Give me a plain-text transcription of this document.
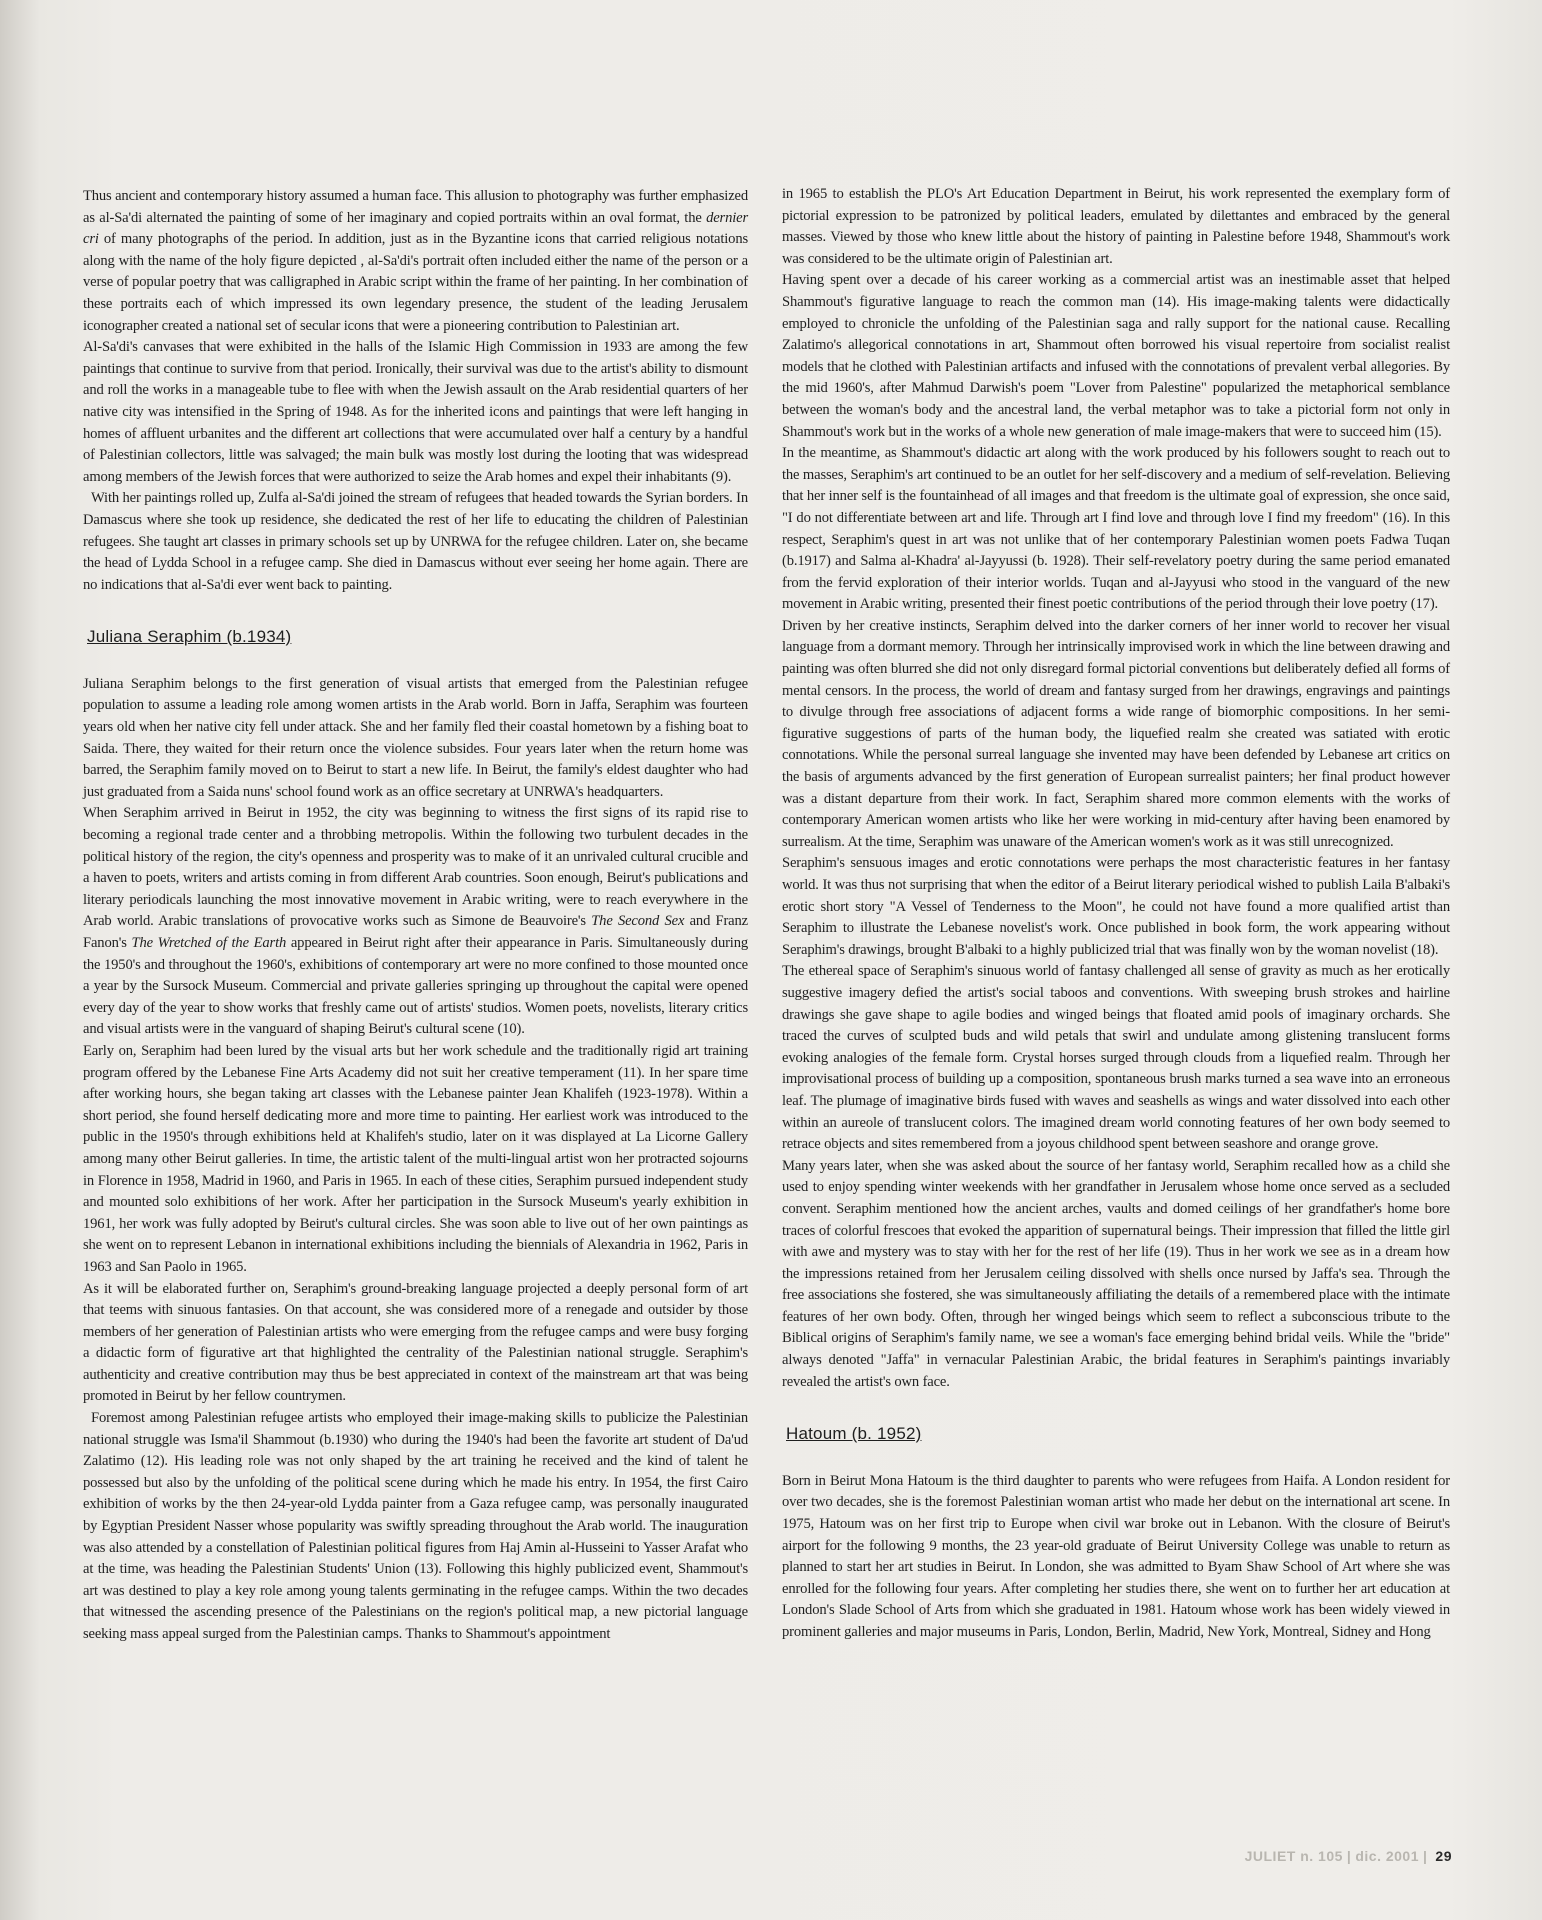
Thus ancient and contemporary history assumed a human face. This allusion to photography was further emphasized as al-Sa'di alternated the painting of some of her imaginary and copied portraits within an oval format, the dernier cri of many photographs of the period. In addition, just as in the Byzantine icons that carried religious notations along with the name of the holy figure depicted , al-Sa'di's portrait often included either the name of the person or a verse of popular poetry that was calligraphed in Arabic script within the frame of her painting. In her combination of these portraits each of which impressed its own legendary presence, the student of the leading Jerusalem iconographer created a national set of secular icons that were a pioneering contribution to Palestinian art.

Al-Sa'di's canvases that were exhibited in the halls of the Islamic High Commission in 1933 are among the few paintings that continue to survive from that period. Ironically, their survival was due to the artist's ability to dismount and roll the works in a manageable tube to flee with when the Jewish assault on the Arab residential quarters of her native city was intensified in the Spring of 1948. As for the inherited icons and paintings that were left hanging in homes of affluent urbanites and the different art collections that were accumulated over half a century by a handful of Palestinian collectors, little was salvaged; the main bulk was mostly lost during the looting that was widespread among members of the Jewish forces that were authorized to seize the Arab homes and expel their inhabitants (9).

With her paintings rolled up, Zulfa al-Sa'di joined the stream of refugees that headed towards the Syrian borders. In Damascus where she took up residence, she dedicated the rest of her life to educating the children of Palestinian refugees. She taught art classes in primary schools set up by UNRWA for the refugee children. Later on, she became the head of Lydda School in a refugee camp. She died in Damascus without ever seeing her home again. There are no indications that al-Sa'di ever went back to painting.

Juliana Seraphim (b.1934)

Juliana Seraphim belongs to the first generation of visual artists that emerged from the Palestinian refugee population to assume a leading role among women artists in the Arab world. Born in Jaffa, Seraphim was fourteen years old when her native city fell under attack. She and her family fled their coastal hometown by a fishing boat to Saida. There, they waited for their return once the violence subsides. Four years later when the return home was barred, the Seraphim family moved on to Beirut to start a new life. In Beirut, the family's eldest daughter who had just graduated from a Saida nuns' school found work as an office secretary at UNRWA's headquarters.

When Seraphim arrived in Beirut in 1952, the city was beginning to witness the first signs of its rapid rise to becoming a regional trade center and a throbbing metropolis. Within the following two turbulent decades in the political history of the region, the city's openness and prosperity was to make of it an unrivaled cultural crucible and a haven to poets, writers and artists coming in from different Arab countries. Soon enough, Beirut's publications and literary periodicals launching the most innovative movement in Arabic writing, were to reach everywhere in the Arab world. Arabic translations of provocative works such as Simone de Beauvoire's The Second Sex and Franz Fanon's The Wretched of the Earth appeared in Beirut right after their appearance in Paris. Simultaneously during the 1950's and throughout the 1960's, exhibitions of contemporary art were no more confined to those mounted once a year by the Sursock Museum. Commercial and private galleries springing up throughout the capital were opened every day of the year to show works that freshly came out of artists' studios. Women poets, novelists, literary critics and visual artists were in the vanguard of shaping Beirut's cultural scene (10).

Early on, Seraphim had been lured by the visual arts but her work schedule and the traditionally rigid art training program offered by the Lebanese Fine Arts Academy did not suit her creative temperament (11). In her spare time after working hours, she began taking art classes with the Lebanese painter Jean Khalifeh (1923-1978). Within a short period, she found herself dedicating more and more time to painting. Her earliest work was introduced to the public in the 1950's through exhibitions held at Khalifeh's studio, later on it was displayed at La Licorne Gallery among many other Beirut galleries. In time, the artistic talent of the multi-lingual artist won her protracted sojourns in Florence in 1958, Madrid in 1960, and Paris in 1965. In each of these cities, Seraphim pursued independent study and mounted solo exhibitions of her work. After her participation in the Sursock Museum's yearly exhibition in 1961, her work was fully adopted by Beirut's cultural circles. She was soon able to live out of her own paintings as she went on to represent Lebanon in international exhibitions including the biennials of Alexandria in 1962, Paris in 1963 and San Paolo in 1965.

As it will be elaborated further on, Seraphim's ground-breaking language projected a deeply personal form of art that teems with sinuous fantasies. On that account, she was considered more of a renegade and outsider by those members of her generation of Palestinian artists who were emerging from the refugee camps and were busy forging a didactic form of figurative art that highlighted the centrality of the Palestinian national struggle. Seraphim's authenticity and creative contribution may thus be best appreciated in context of the mainstream art that was being promoted in Beirut by her fellow countrymen.

Foremost among Palestinian refugee artists who employed their image-making skills to publicize the Palestinian national struggle was Isma'il Shammout (b.1930) who during the 1940's had been the favorite art student of Da'ud Zalatimo (12). His leading role was not only shaped by the art training he received and the kind of talent he possessed but also by the unfolding of the political scene during which he made his entry. In 1954, the first Cairo exhibition of works by the then 24-year-old Lydda painter from a Gaza refugee camp, was personally inaugurated by Egyptian President Nasser whose popularity was swiftly spreading throughout the Arab world. The inauguration was also attended by a constellation of Palestinian political figures from Haj Amin al-Husseini to Yasser Arafat who at the time, was heading the Palestinian Students' Union (13). Following this highly publicized event, Shammout's art was destined to play a key role among young talents germinating in the refugee camps. Within the two decades that witnessed the ascending presence of the Palestinians on the region's political map, a new pictorial language seeking mass appeal surged from the Palestinian camps. Thanks to Shammout's appointment

in 1965 to establish the PLO's Art Education Department in Beirut, his work represented the exemplary form of pictorial expression to be patronized by political leaders, emulated by dilettantes and embraced by the general masses. Viewed by those who knew little about the history of painting in Palestine before 1948, Shammout's work was considered to be the ultimate origin of Palestinian art.

Having spent over a decade of his career working as a commercial artist was an inestimable asset that helped Shammout's figurative language to reach the common man (14). His image-making talents were didactically employed to chronicle the unfolding of the Palestinian saga and rally support for the national cause. Recalling Zalatimo's allegorical connotations in art, Shammout often borrowed his visual repertoire from socialist realist models that he clothed with Palestinian artifacts and infused with the connotations of prevalent verbal allegories. By the mid 1960's, after Mahmud Darwish's poem "Lover from Palestine" popularized the metaphorical semblance between the woman's body and the ancestral land, the verbal metaphor was to take a pictorial form not only in Shammout's work but in the works of a whole new generation of male image-makers that were to succeed him (15).

In the meantime, as Shammout's didactic art along with the work produced by his followers sought to reach out to the masses, Seraphim's art continued to be an outlet for her self-discovery and a medium of self-revelation. Believing that her inner self is the fountainhead of all images and that freedom is the ultimate goal of expression, she once said, "I do not differentiate between art and life. Through art I find love and through love I find my freedom" (16). In this respect, Seraphim's quest in art was not unlike that of her contemporary Palestinian women poets Fadwa Tuqan (b.1917) and Salma al-Khadra' al-Jayyussi (b. 1928). Their self-revelatory poetry during the same period emanated from the fervid exploration of their interior worlds. Tuqan and al-Jayyusi who stood in the vanguard of the new movement in Arabic writing, presented their finest poetic contributions of the period through their love poetry (17).

Driven by her creative instincts, Seraphim delved into the darker corners of her inner world to recover her visual language from a dormant memory. Through her intrinsically improvised work in which the line between drawing and painting was often blurred she did not only disregard formal pictorial conventions but deliberately defied all forms of mental censors. In the process, the world of dream and fantasy surged from her drawings, engravings and paintings to divulge through free associations of adjacent forms a wide range of biomorphic compositions. In her semi-figurative suggestions of parts of the human body, the liquefied realm she created was satiated with erotic connotations. While the personal surreal language she invented may have been defended by Lebanese art critics on the basis of arguments advanced by the first generation of European surrealist painters; her final product however was a distant departure from their work. In fact, Seraphim shared more common elements with the works of contemporary American women artists who like her were working in mid-century after having been enamored by surrealism. At the time, Seraphim was unaware of the American women's work as it was still unrecognized.

Seraphim's sensuous images and erotic connotations were perhaps the most characteristic features in her fantasy world. It was thus not surprising that when the editor of a Beirut literary periodical wished to publish Laila B'albaki's erotic short story "A Vessel of Tenderness to the Moon", he could not have found a more qualified artist than Seraphim to illustrate the Lebanese novelist's work. Once published in book form, the work appearing without Seraphim's drawings, brought B'albaki to a highly publicized trial that was finally won by the woman novelist (18).

The ethereal space of Seraphim's sinuous world of fantasy challenged all sense of gravity as much as her erotically suggestive imagery defied the artist's social taboos and conventions. With sweeping brush strokes and hairline drawings she gave shape to agile bodies and winged beings that floated amid pools of imaginary orchards. She traced the curves of sculpted buds and wild petals that swirl and undulate among glistening translucent forms evoking analogies of the female form. Crystal horses surged through clouds from a liquefied realm. Through her improvisational process of building up a composition, spontaneous brush marks turned a sea wave into an erroneous leaf. The plumage of imaginative birds fused with waves and seashells as wings and water dissolved into each other within an aureole of translucent colors. The imagined dream world connoting features of her own body seemed to retrace objects and sites remembered from a joyous childhood spent between seashore and orange grove.

Many years later, when she was asked about the source of her fantasy world, Seraphim recalled how as a child she used to enjoy spending winter weekends with her grandfather in Jerusalem whose home once served as a secluded convent. Seraphim mentioned how the ancient arches, vaults and domed ceilings of her grandfather's home bore traces of colorful frescoes that evoked the apparition of supernatural beings. Their impression that filled the little girl with awe and mystery was to stay with her for the rest of her life (19). Thus in her work we see as in a dream how the impressions retained from her Jerusalem ceiling dissolved with shells once nursed by Jaffa's sea. Through the free associations she fostered, she was simultaneously affiliating the details of a remembered place with the intimate features of her own body. Often, through her winged beings which seem to reflect a subconscious tribute to the Biblical origins of Seraphim's family name, we see a woman's face emerging behind bridal veils. While the "bride" always denoted "Jaffa" in vernacular Palestinian Arabic, the bridal features in Seraphim's paintings invariably revealed the artist's own face.

Hatoum (b. 1952)

Born in Beirut Mona Hatoum is the third daughter to parents who were refugees from Haifa. A London resident for over two decades, she is the foremost Palestinian woman artist who made her debut on the international art scene. In 1975, Hatoum was on her first trip to Europe when civil war broke out in Lebanon. With the closure of Beirut's airport for the following 9 months, the 23 year-old graduate of Beirut University College was unable to return as planned to start her art studies in Beirut. In London, she was admitted to Byam Shaw School of Art where she was enrolled for the following four years. After completing her studies there, she went on to further her art education at London's Slade School of Arts from which she graduated in 1981. Hatoum whose work has been widely viewed in prominent galleries and major museums in Paris, London, Berlin, Madrid, New York, Montreal, Sidney and Hong

JULIET n. 105 | dic. 2001 | 29
